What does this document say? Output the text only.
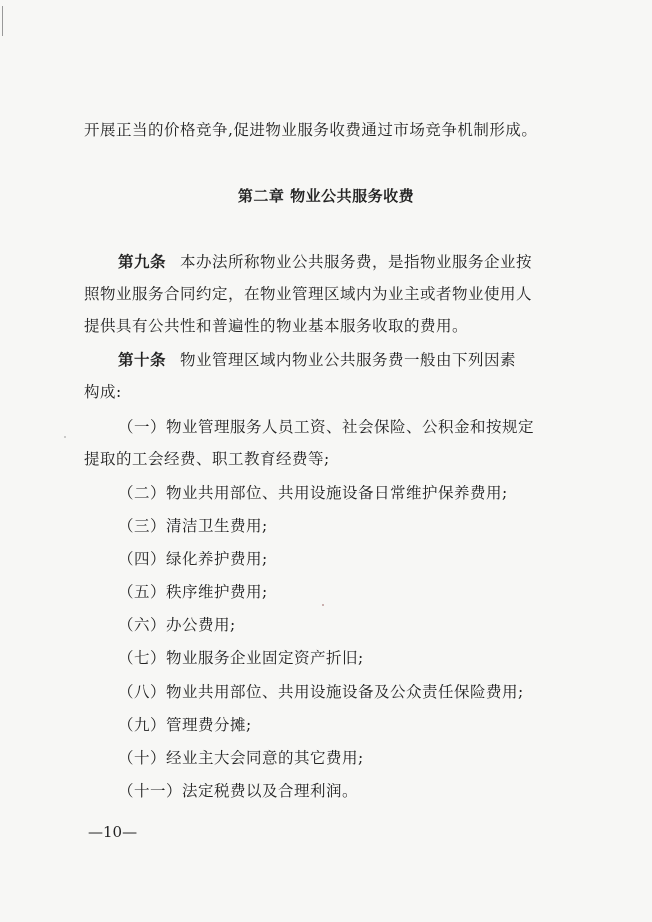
开展正当的价格竞争,促进物业服务收费通过市场竞争机制形成。
第二章 物业公共服务收费
第九条 本办法所称物业公共服务费，是指物业服务企业按
照物业服务合同约定，在物业管理区域内为业主或者物业使用人
提供具有公共性和普遍性的物业基本服务收取的费用。
第十条 物业管理区域内物业公共服务费一般由下列因素
构成:
（一）物业管理服务人员工资、社会保险、公积金和按规定
提取的工会经费、职工教育经费等;
（二）物业共用部位、共用设施设备日常维护保养费用;
（三）清洁卫生费用;
（四）绿化养护费用;
（五）秩序维护费用;
（六）办公费用;
（七）物业服务企业固定资产折旧;
（八）物业共用部位、共用设施设备及公众责任保险费用;
（九）管理费分摊;
（十）经业主大会同意的其它费用;
（十一）法定税费以及合理利润。
—10—
